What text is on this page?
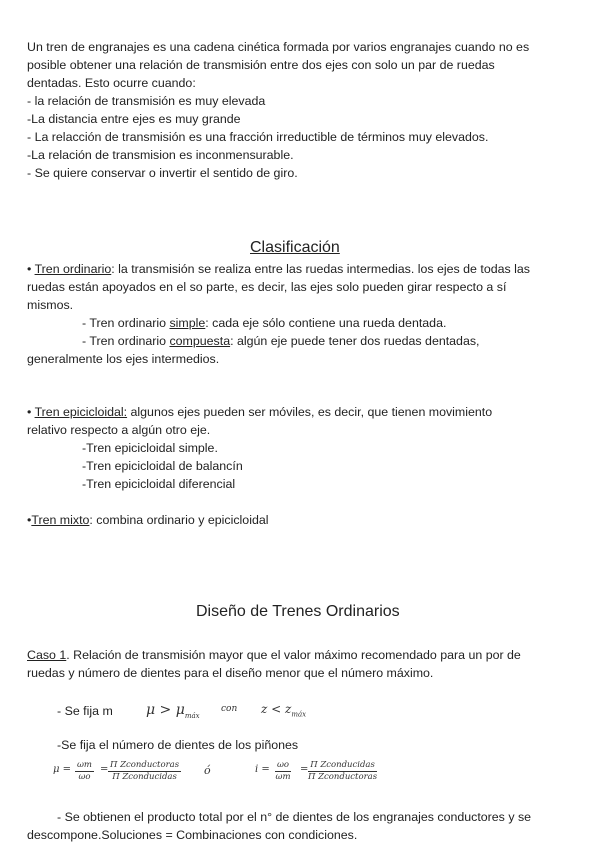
Un tren de engranajes es una cadena cinética formada por varios engranajes cuando no es

posible obtener una relación de transmisión entre dos ejes con solo un par de ruedas

dentadas. Esto ocurre cuando:

- la relación de transmisión es muy elevada

-La distancia entre ejes es muy grande

- La relacción de transmisión es una fracción irreductible de términos muy elevados.

-La relación de transmision es inconmensurable.

- Se quiere conservar o invertir el sentido de giro.

Clasificación

• Tren ordinario: la transmisión se realiza entre las ruedas intermedias. los ejes de todas las

ruedas están apoyados en el so parte, es decir, las ejes solo pueden girar respecto a sí

mismos.

- Tren ordinario simple: cada eje sólo contiene una rueda dentada.

- Tren ordinario compuesta: algún eje puede tener dos ruedas dentadas,

generalmente los ejes intermedios.

• Tren epicicloidal: algunos ejes pueden ser móviles, es decir, que tienen movimiento

relativo respecto a algún otro eje.

-Tren epicicloidal simple.

-Tren epicicloidal de balancín

-Tren epicicloidal diferencial

•Tren mixto: combina ordinario y epicicloidal

Diseño de Trenes Ordinarios

Caso 1. Relación de transmisión mayor que el valor máximo recomendado para un por de

ruedas y número de dientes para el diseño menor que el número máximo.

- Se fija m $\mu > \mu_{máx}$
con $z < z_{máx}$

-Se fija el número de dientes de los piñones

$\mu = \frac{\omega m}{\omega o} = \Pi$ Zconductoras
Π Zconducidas	ó	$i = \frac{\omega o}{\omega m} = \Pi$ Zconducidas
Π Zconductoras

- Se obtienen el producto total por el n° de dientes de los engranajes conductores y se

descompone.Soluciones = Combinaciones con condiciones.
